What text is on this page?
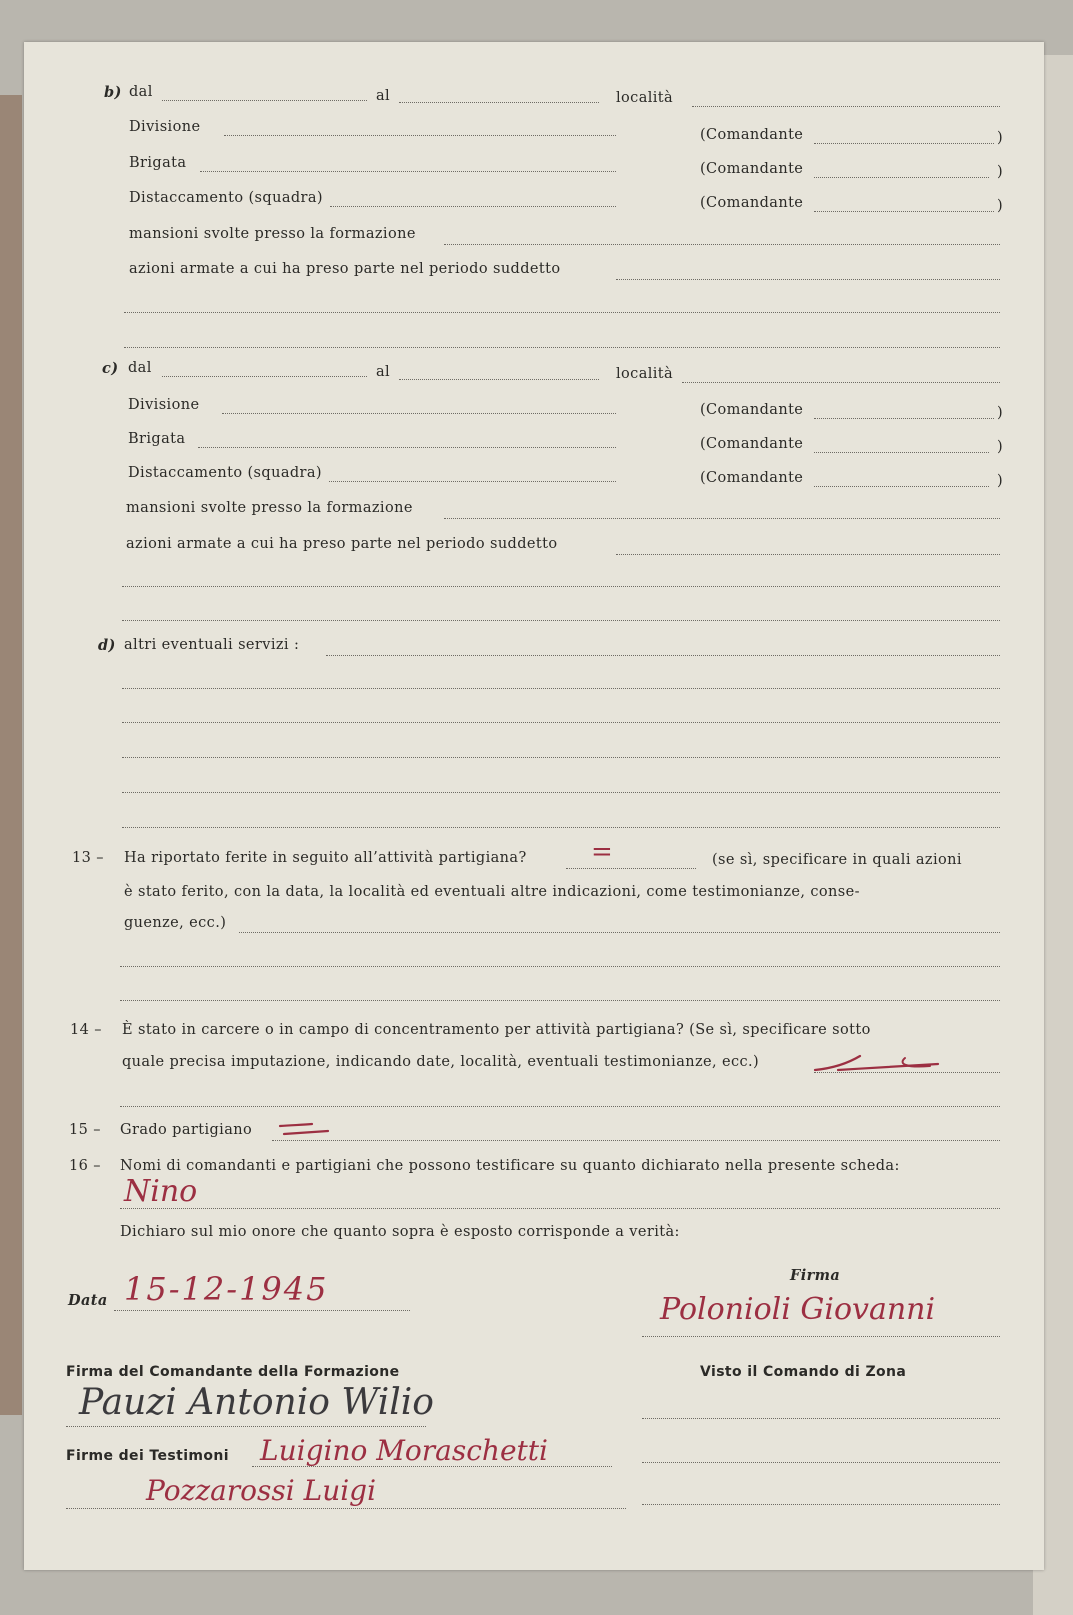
b) dal	al	località
Divisione	(Comandante	)
Brigata	(Comandante	)
Distaccamento (squadra)	(Comandante	)
mansioni svolte presso la formazione
azioni armate a cui ha preso parte nel periodo suddetto
c) dal	al	località
Divisione	(Comandante	)
Brigata	(Comandante	)
Distaccamento (squadra)	(Comandante	)
mansioni svolte presso la formazione
azioni armate a cui ha preso parte nel periodo suddetto
d) altri eventuali servizi :
13 – Ha riportato ferite in seguito all’attività partigiana? =	(se sì, specificare in quali azioni
è stato ferito, con la data, la località ed eventuali altre indicazioni, come testimonianze, conse-
guenze, ecc.)
14 – È stato in carcere o in campo di concentramento per attività partigiana? (Se sì, specificare sotto
quale precisa imputazione, indicando date, località, eventuali testimonianze, ecc.)
15 – Grado partigiano
16 – Nomi di comandanti e partigiani che possono testificare su quanto dichiarato nella presente scheda:
Nino
Dichiaro sul mio onore che quanto sopra è esposto corrisponde a verità:
Data 15-12-1945	Firma
Polonioli Giovanni
Firma del Comandante della Formazione
Pauzi Antonio Wilio
Visto il Comando di Zona
Firme dei Testimoni Luigino Moraschetti
Pozzarossi Luigi
